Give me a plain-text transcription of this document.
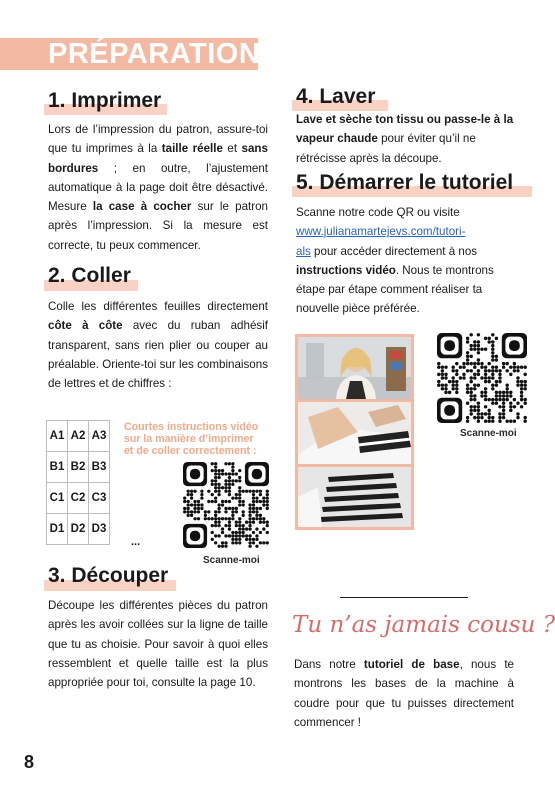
PRÉPARATION
1. Imprimer
Lors de l’impression du patron, assure-toi que tu imprimes à la taille réelle et sans bordures ; en outre, l’ajustement automatique à la page doit être désactivé. Mesure la case à cocher sur le patron après l’impression. Si la mesure est correcte, tu peux commencer.
2. Coller
Colle les différentes feuilles directement côte à côte avec du ruban adhésif transparent, sans rien plier ou couper au préalable. Oriente-toi sur les combinaisons de lettres et de chiffres :
A1	A2	A3
B1	B2	B3
C1	C2	C3
D1	D2	D3
...
Courtes instructions vidéo
sur la manière d’imprimer
et de coller correctement :
Scanne-moi
3. Découper
Découpe les différentes pièces du patron après les avoir collées sur la ligne de taille que tu as choisie. Pour savoir à quoi elles ressemblent et quelle taille est la plus appropriée pour toi, consulte la page 10.
4. Laver
Lave et sèche ton tissu ou passe-le à la vapeur chaude pour éviter qu’il ne rétrécisse après la découpe.
5. Démarrer le tutoriel
Scanne notre code QR ou visite
www.julianamartejevs.com/tutori-
als pour accéder directement à nos instructions vidéo. Nous te montrons étape par étape comment réaliser ta nouvelle pièce préférée.
Scanne-moi
Tu n’as jamais cousu ?
Dans notre tutoriel de base, nous te montrons les bases de la machine à coudre pour que tu puisses directement commencer !
8
